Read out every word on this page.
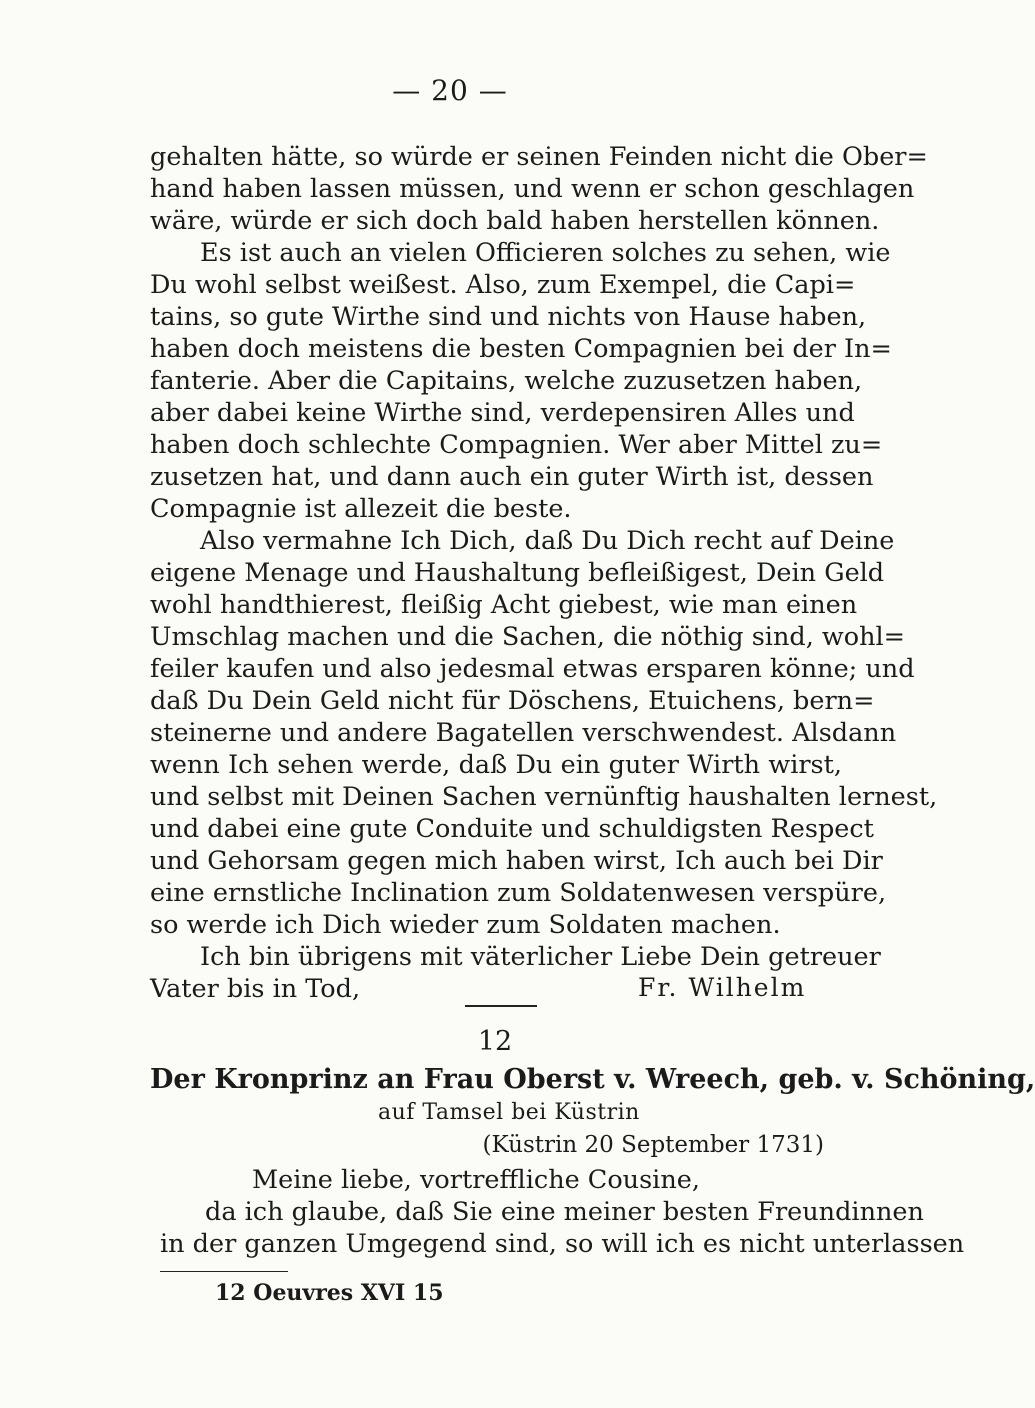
— 20 —
gehalten hätte, so würde er seinen Feinden nicht die Ober=
hand haben lassen müssen, und wenn er schon geschlagen
wäre, würde er sich doch bald haben herstellen können.
Es ist auch an vielen Officieren solches zu sehen, wie
Du wohl selbst weißest. Also, zum Exempel, die Capi=
tains, so gute Wirthe sind und nichts von Hause haben,
haben doch meistens die besten Compagnien bei der In=
fanterie. Aber die Capitains, welche zuzusetzen haben,
aber dabei keine Wirthe sind, verdepensiren Alles und
haben doch schlechte Compagnien. Wer aber Mittel zu=
zusetzen hat, und dann auch ein guter Wirth ist, dessen
Compagnie ist allezeit die beste.
Also vermahne Ich Dich, daß Du Dich recht auf Deine
eigene Menage und Haushaltung befleißigest, Dein Geld
wohl handthierest, fleißig Acht giebest, wie man einen
Umschlag machen und die Sachen, die nöthig sind, wohl=
feiler kaufen und also jedesmal etwas ersparen könne; und
daß Du Dein Geld nicht für Döschens, Etuichens, bern=
steinerne und andere Bagatellen verschwendest. Alsdann
wenn Ich sehen werde, daß Du ein guter Wirth wirst,
und selbst mit Deinen Sachen vernünftig haushalten lernest,
und dabei eine gute Conduite und schuldigsten Respect
und Gehorsam gegen mich haben wirst, Ich auch bei Dir
eine ernstliche Inclination zum Soldatenwesen verspüre,
so werde ich Dich wieder zum Soldaten machen.
Ich bin übrigens mit väterlicher Liebe Dein getreuer
Vater bis in Tod,	Fr. Wilhelm
12
Der Kronprinz an Frau Oberst v. Wreech, geb. v. Schöning,
auf Tamsel bei Küstrin
(Küstrin 20 September 1731)
Meine liebe, vortreffliche Cousine,
da ich glaube, daß Sie eine meiner besten Freundinnen
in der ganzen Umgegend sind, so will ich es nicht unterlassen
12 Oeuvres XVI 15
